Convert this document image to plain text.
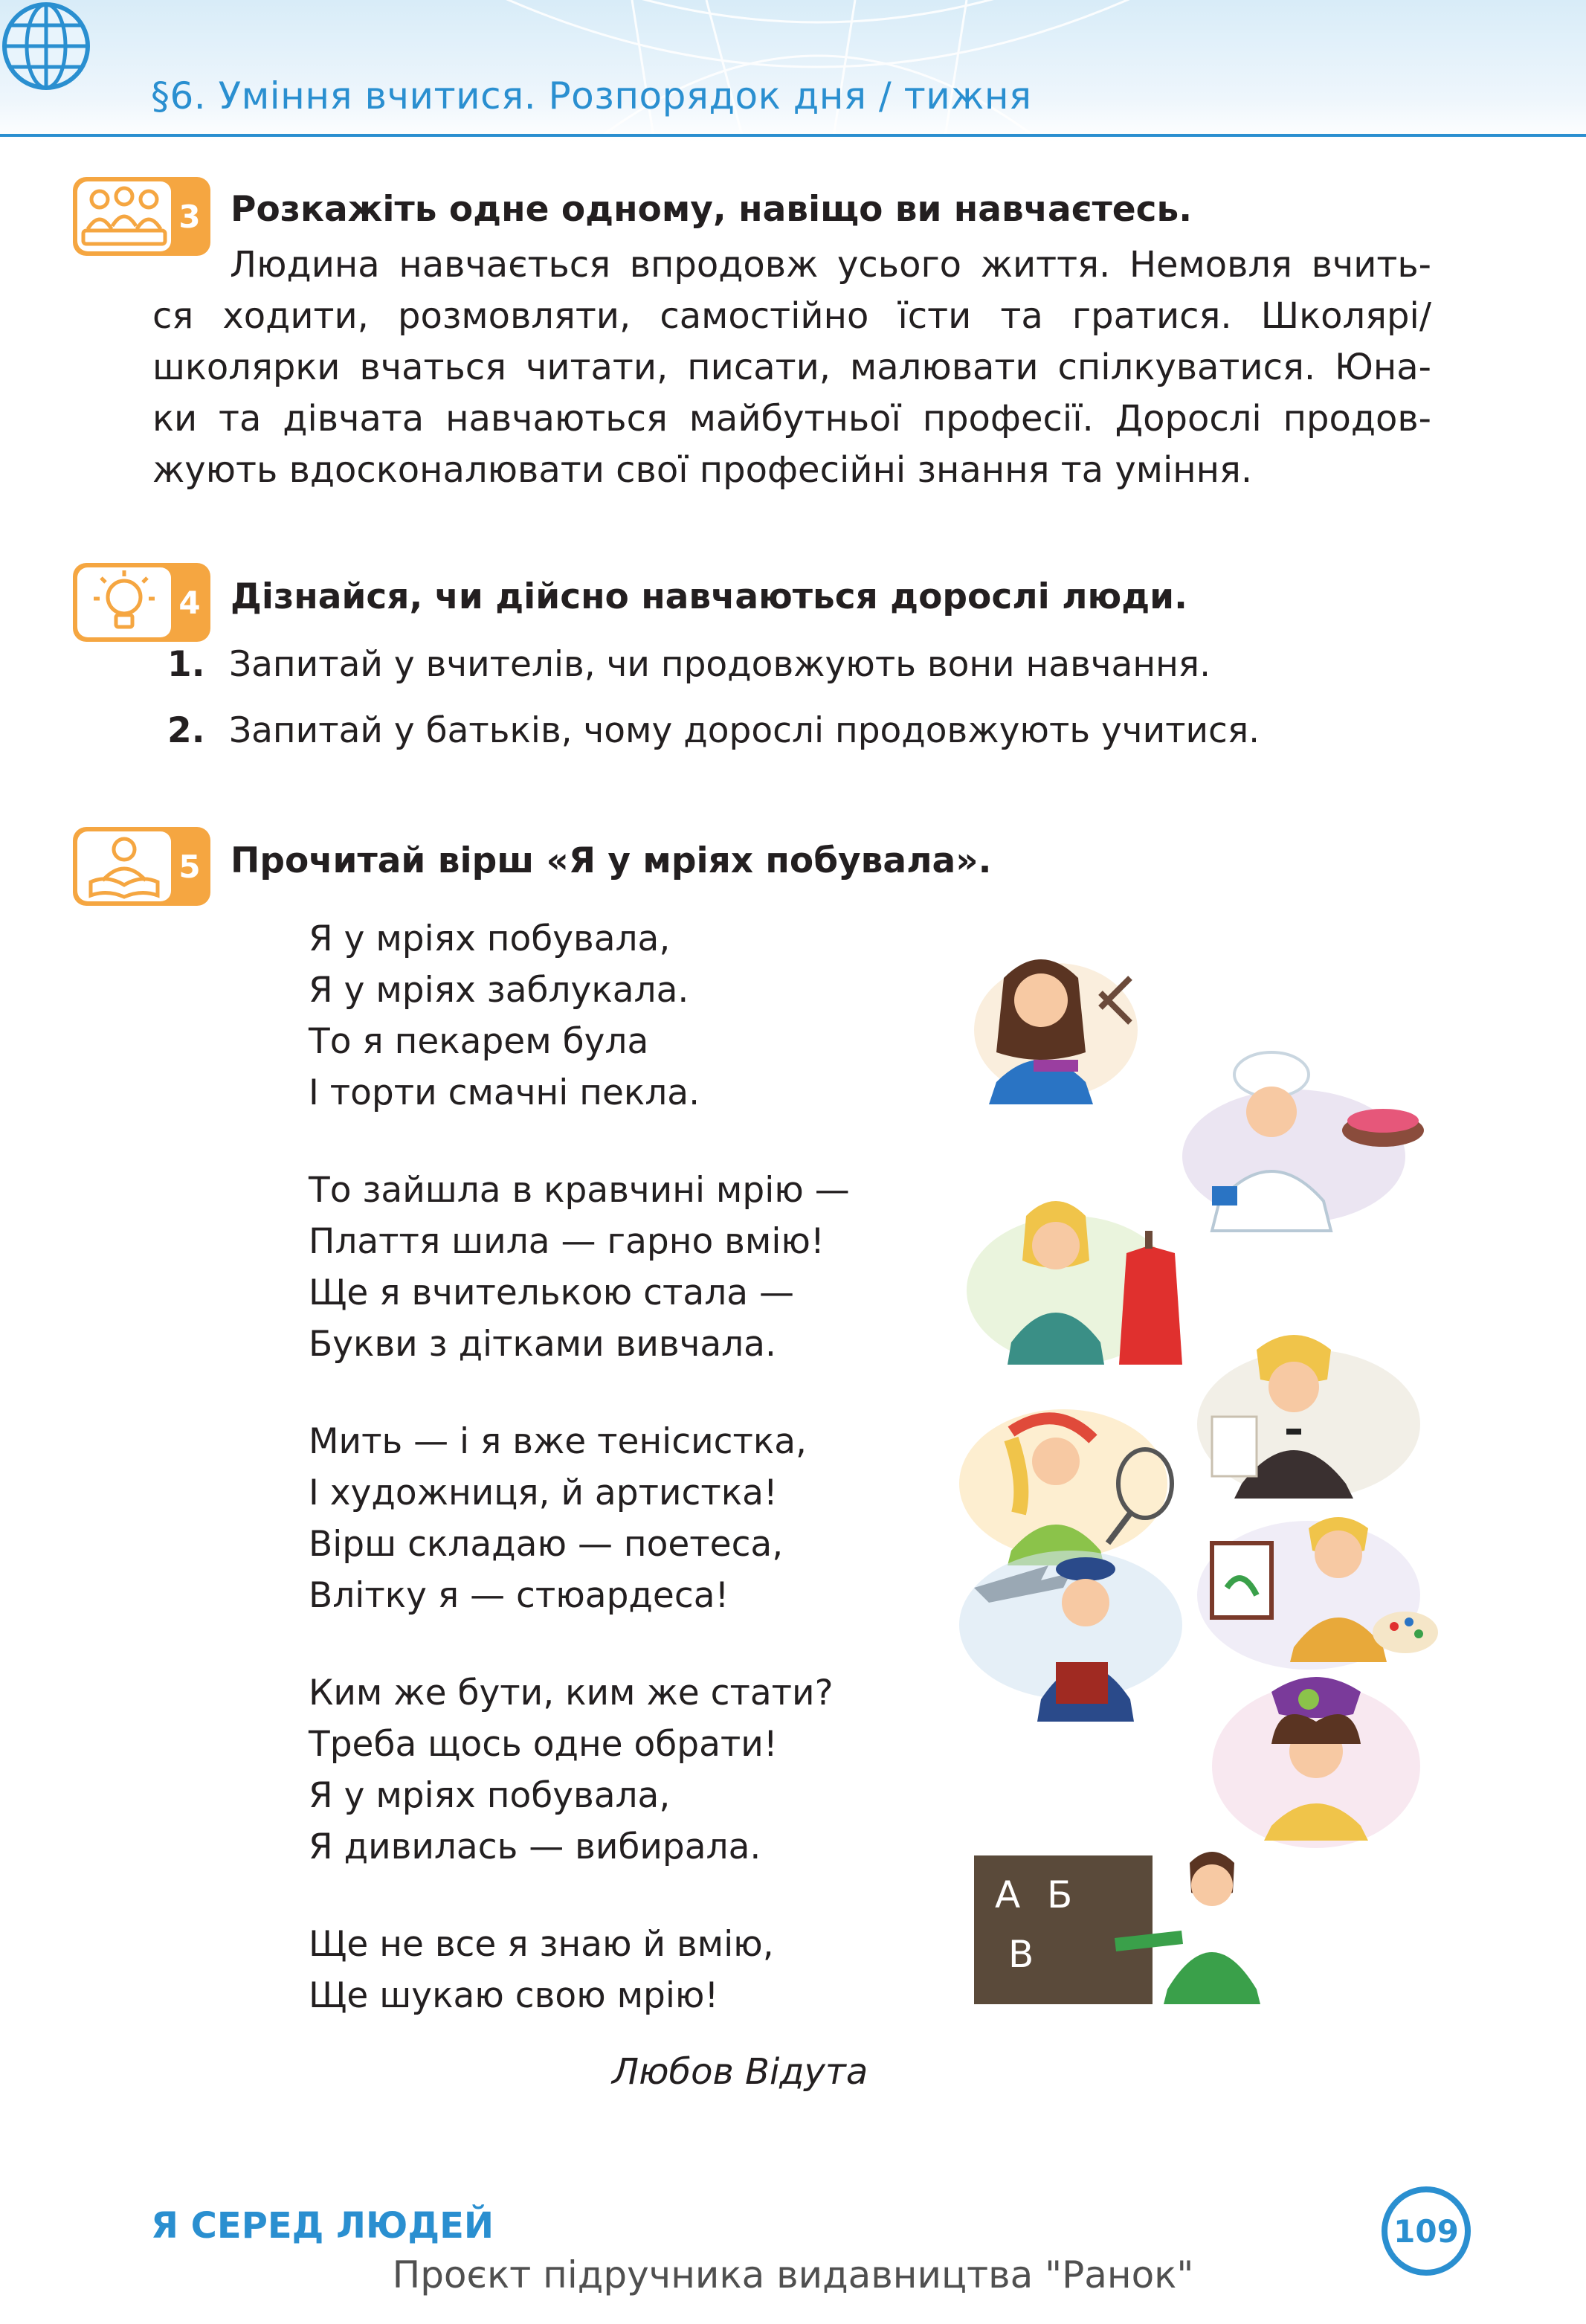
§6. Уміння вчитися. Розпорядок дня / тижня
3 Розкажіть одне одному, навіщо ви навчаєтесь.
Людина навчається впродовж усього життя. Немовля вчить-
ся ходити, розмовляти, самостійно їсти та гратися. Школярі/
школярки вчаться читати, писати, малювати спілкуватися. Юна-
ки та дівчата навчаються майбутньої професії. Дорослі продов-
жують вдосконалювати свої професійні знання та уміння.
4 Дізнайся, чи дійсно навчаються дорослі люди.
1. Запитай у вчителів, чи продовжують вони навчання.
2. Запитай у батьків, чому дорослі продовжують учитися.
5 Прочитай вірш «Я у мріях побувала».
Я у мріях побувала,
Я у мріях заблукала.
То я пекарем була
І торти смачні пекла.
То зайшла в кравчині мрію —
Плаття шила — гарно вмію!
Ще я вчителькою стала —
Букви з дітками вивчала.
Мить — і я вже тенісистка,
І художниця, й артистка!
Вірш складаю — поетеса,
Влітку я — стюардеса!
Ким же бути, ким же стати?
Треба щось одне обрати!
Я у мріях побувала,
Я дивилась — вибирала.
Ще не все я знаю й вмію,
Ще шукаю свою мрію!
Любов Відута
А Б
В
Я СЕРЕД ЛЮДЕЙ	109
Проєкт підручника видавництва "Ранок"
